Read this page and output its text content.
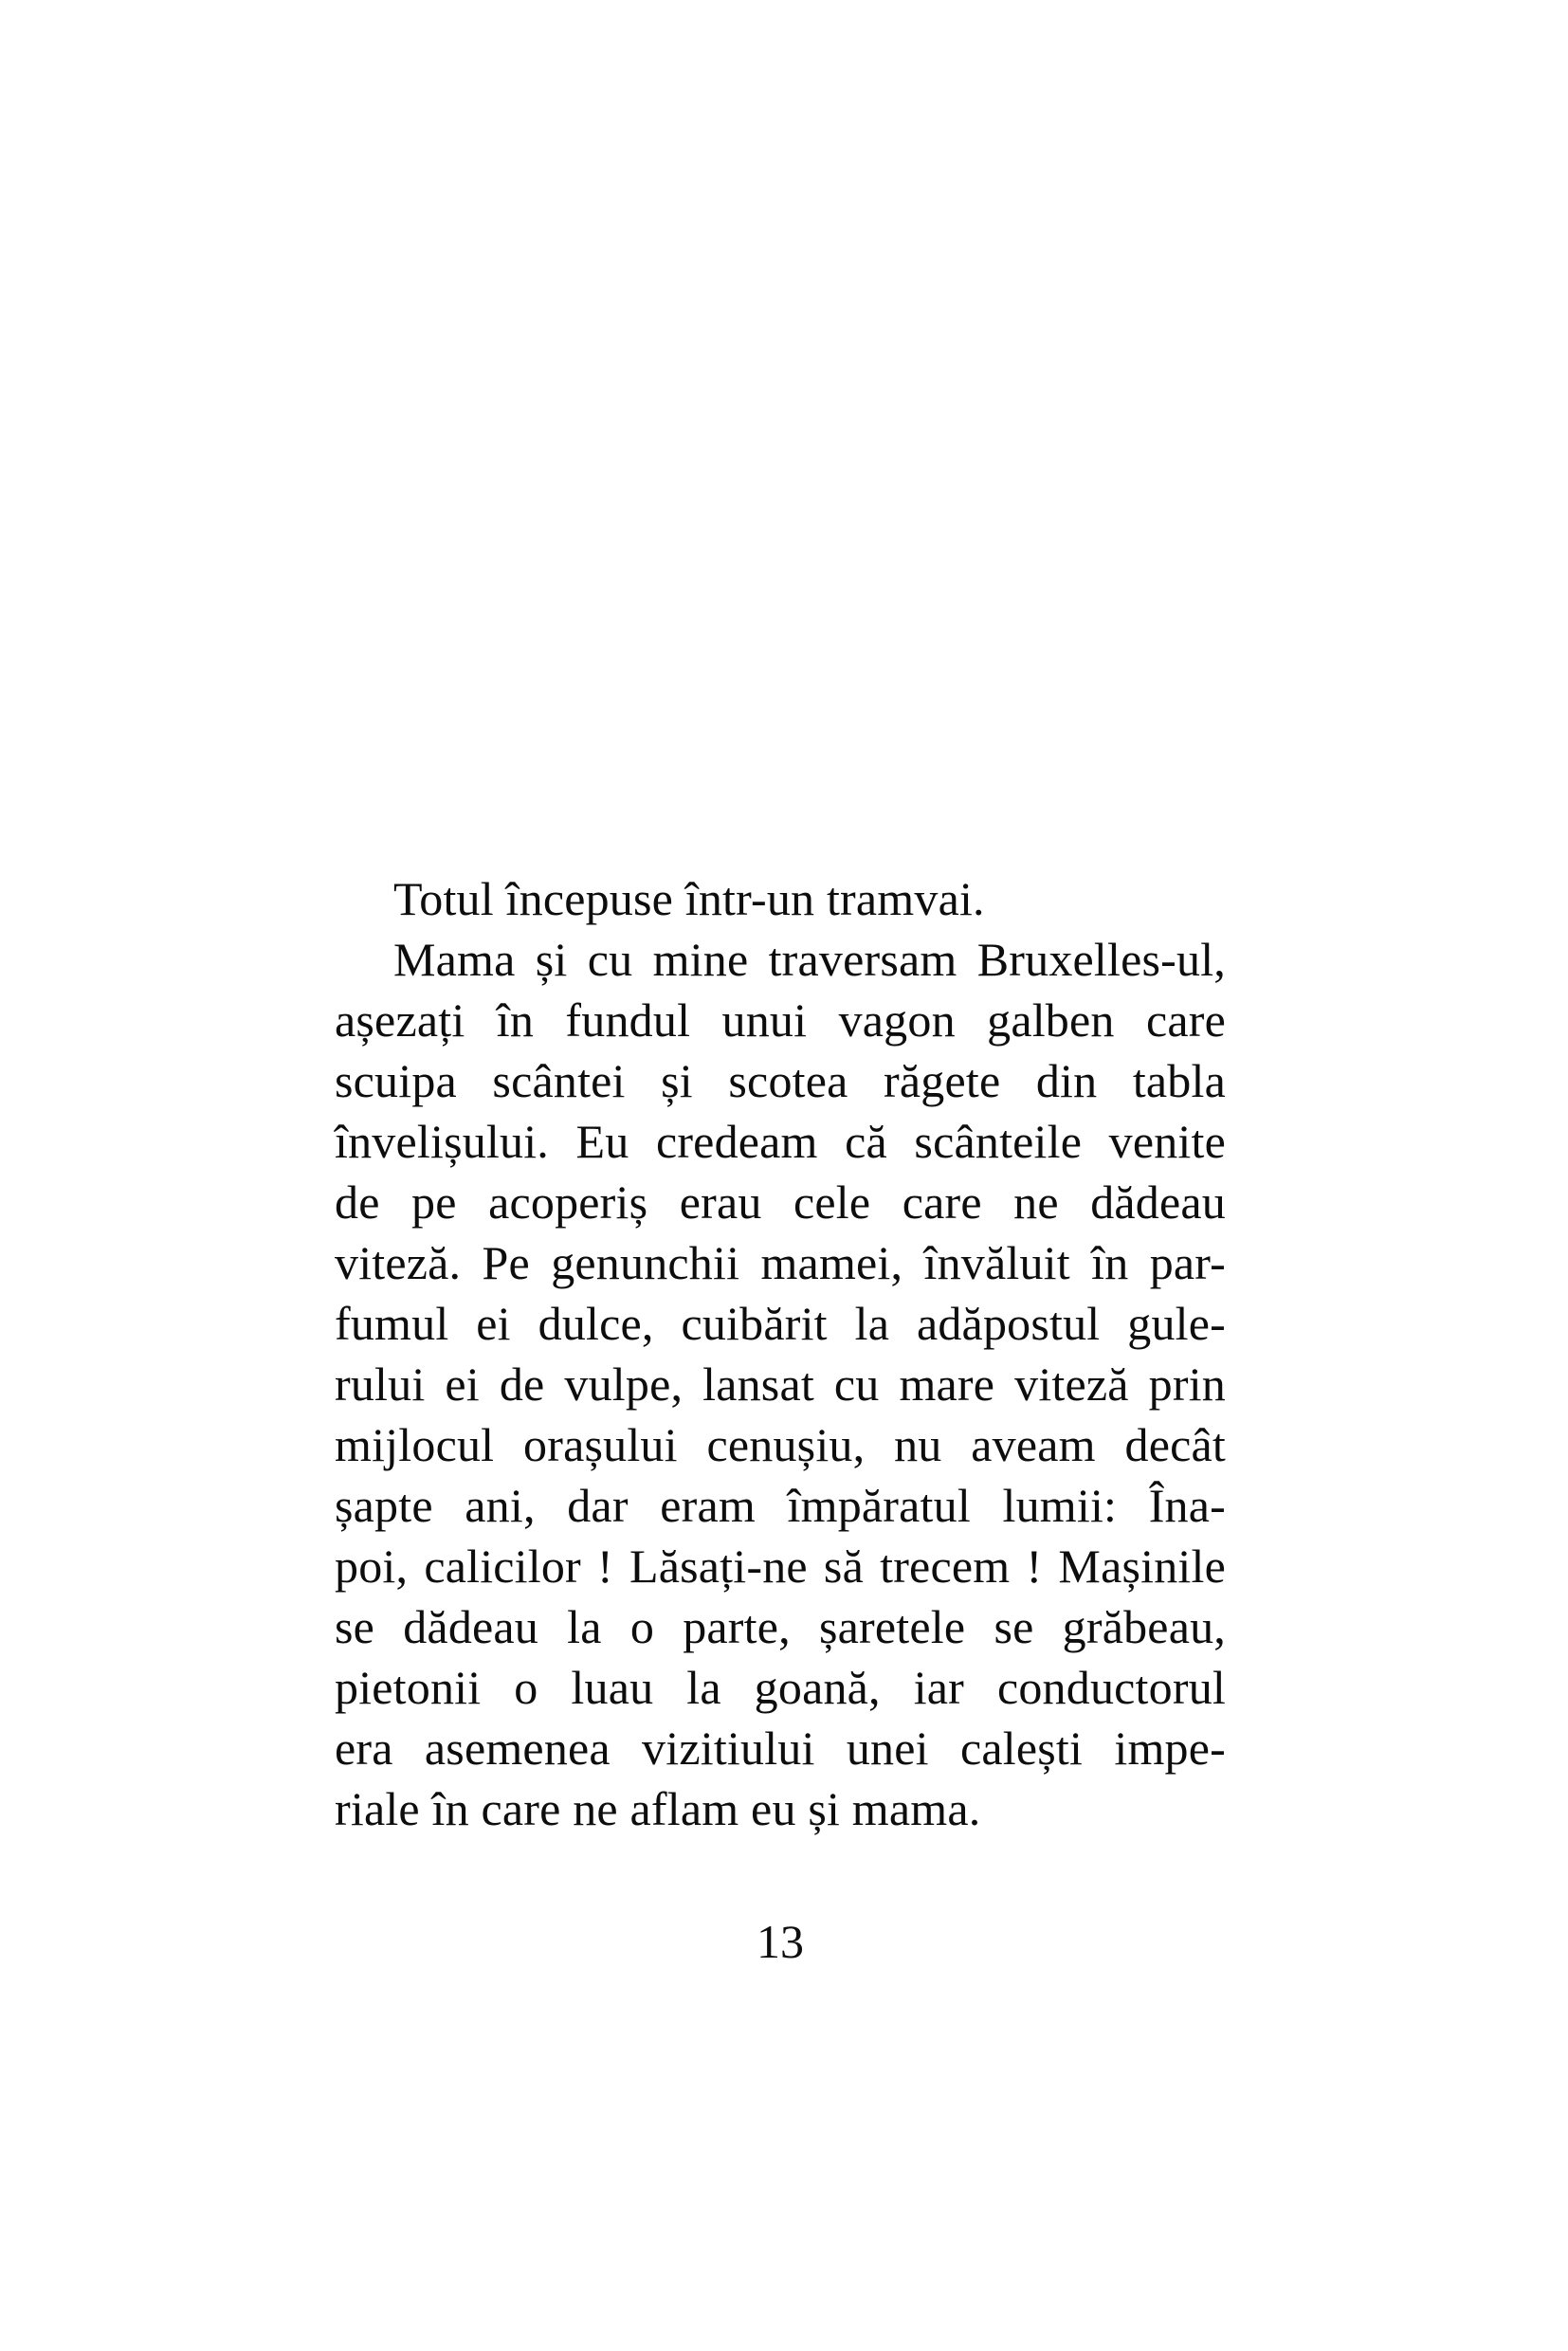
Totul începuse într-un tramvai.
Mama și cu mine traversam Bruxelles-ul,
așezați în fundul unui vagon galben care
scuipa scântei și scotea răgete din tabla
învelișului. Eu credeam că scânteile venite
de pe acoperiș erau cele care ne dădeau
viteză. Pe genunchii mamei, învăluit în par-
fumul ei dulce, cuibărit la adăpostul gule-
rului ei de vulpe, lansat cu mare viteză prin
mijlocul orașului cenușiu, nu aveam decât
șapte ani, dar eram împăratul lumii: Îna-
poi, calicilor ! Lăsați-ne să trecem ! Mașinile
se dădeau la o parte, șaretele se grăbeau,
pietonii o luau la goană, iar conductorul
era asemenea vizitiului unei calești impe-
riale în care ne aflam eu și mama.
13
